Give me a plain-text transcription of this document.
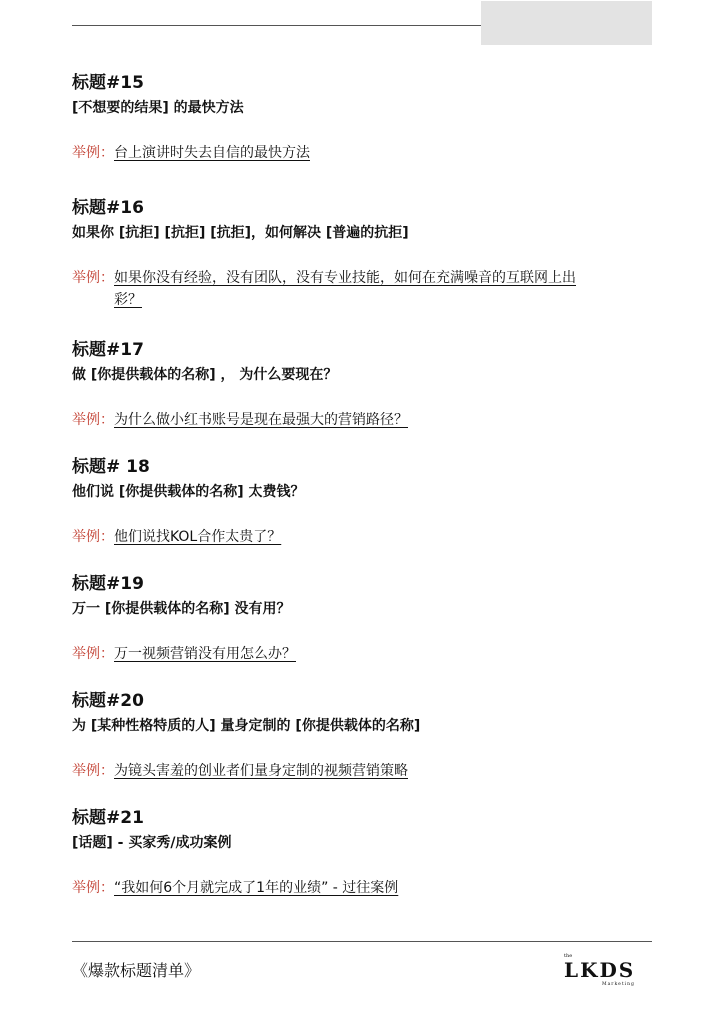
标题#15
[不想要的结果] 的最快方法
举例： 台上演讲时失去自信的最快方法
标题#16
如果你 [抗拒] [抗拒] [抗拒]，如何解决 [普遍的抗拒]
举例： 如果你没有经验，没有团队，没有专业技能，如何在充满噪音的互联网上出彩？
标题#17
做 [你提供载体的名称] ， 为什么要现在？
举例： 为什么做小红书账号是现在最强大的营销路径？
标题# 18
他们说 [你提供载体的名称] 太费钱？
举例： 他们说找KOL合作太贵了？
标题#19
万一 [你提供载体的名称] 没有用？
举例： 万一视频营销没有用怎么办？
标题#20
为 [某种性格特质的人] 量身定制的 [你提供载体的名称]
举例： 为镜头害羞的创业者们量身定制的视频营销策略
标题#21
[话题] - 买家秀/成功案例
举例： “我如何6个月就完成了1年的业绩” - 过往案例
《爆款标题清单》
the
LKDS
Marketing
